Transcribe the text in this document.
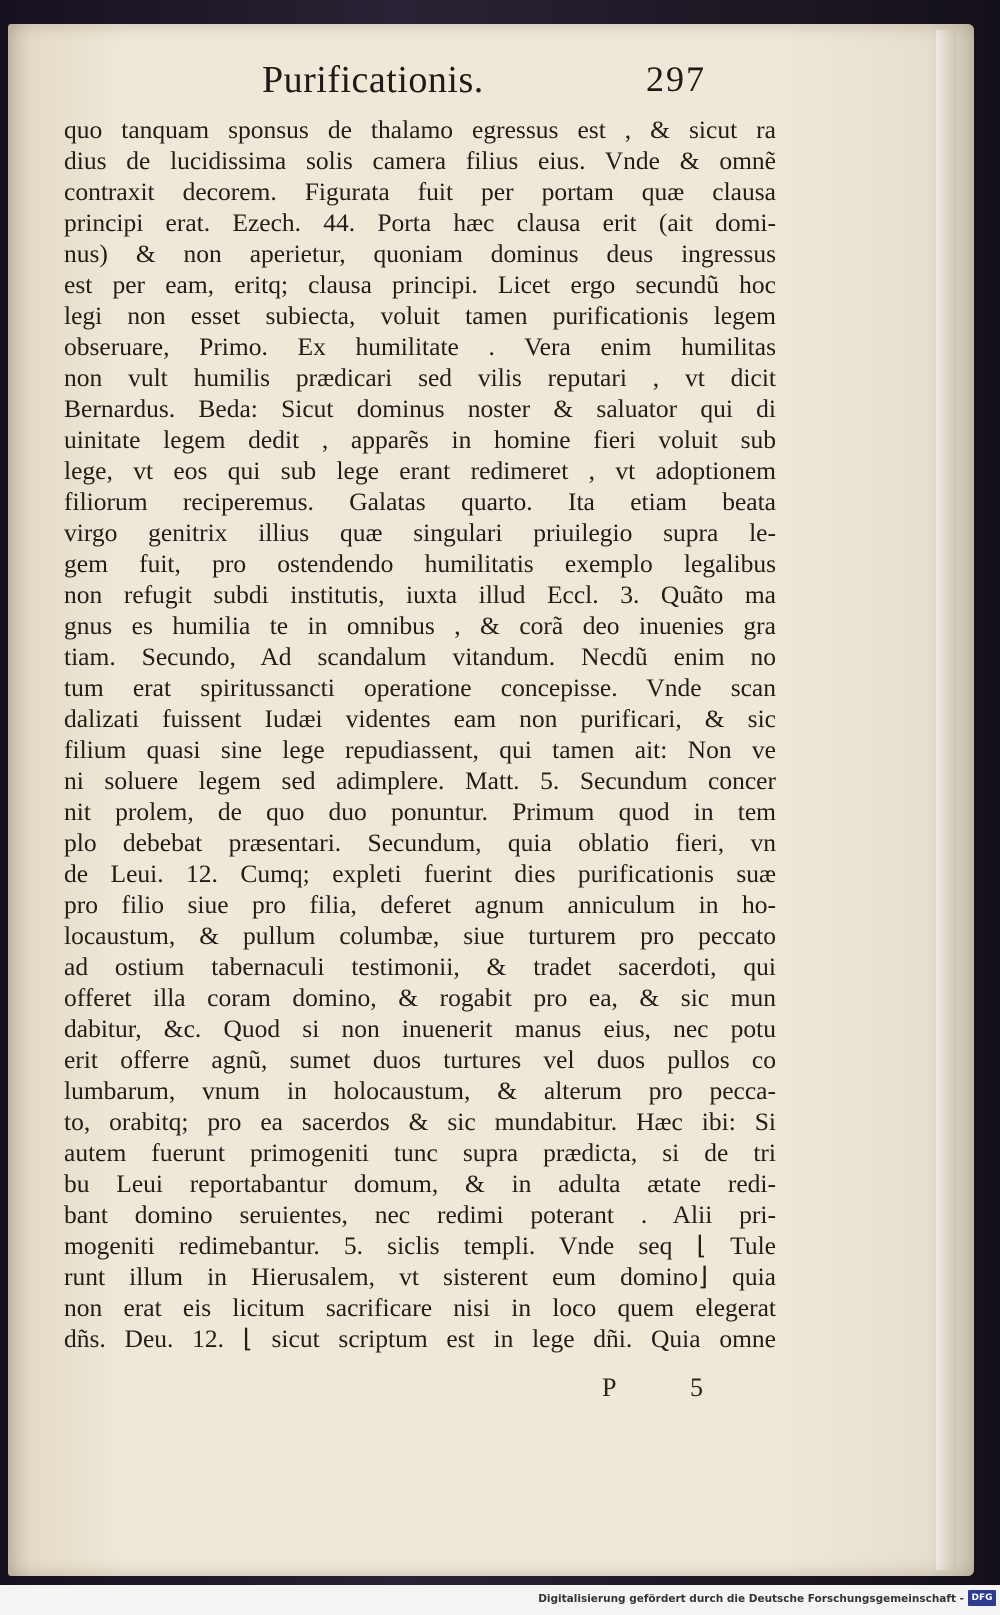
Purificationis.	297
quo tanquam sponsus de thalamo egressus est , & sicut ra
dius de lucidissima solis camera filius eius. Vnde & omnẽ
contraxit decorem. Figurata fuit per portam quæ clausa
principi erat. Ezech. 44. Porta hæc clausa erit (ait domi-
nus) & non aperietur, quoniam dominus deus ingressus
est per eam, eritq; clausa principi. Licet ergo secundũ hoc
legi non esset subiecta, voluit tamen purificationis legem
obseruare, Primo. Ex humilitate . Vera enim humilitas
non vult humilis prædicari sed vilis reputari , vt dicit
Bernardus. Beda: Sicut dominus noster & saluator qui di
uinitate legem dedit , apparẽs in homine fieri voluit sub
lege, vt eos qui sub lege erant redimeret , vt adoptionem
filiorum reciperemus. Galatas quarto. Ita etiam beata
virgo genitrix illius quæ singulari priuilegio supra le-
gem fuit, pro ostendendo humilitatis exemplo legalibus
non refugit subdi institutis, iuxta illud Eccl. 3. Quãto ma
gnus es humilia te in omnibus , & corã deo inuenies gra
tiam. Secundo, Ad scandalum vitandum. Necdũ enim no
tum erat spiritussancti operatione concepisse. Vnde scan
dalizati fuissent Iudæi videntes eam non purificari, & sic
filium quasi sine lege repudiassent, qui tamen ait: Non ve
ni soluere legem sed adimplere. Matt. 5. Secundum concer
nit prolem, de quo duo ponuntur. Primum quod in tem
plo debebat præsentari. Secundum, quia oblatio fieri, vn
de Leui. 12. Cumq; expleti fuerint dies purificationis suæ
pro filio siue pro filia, deferet agnum anniculum in ho-
locaustum, & pullum columbæ, siue turturem pro peccato
ad ostium tabernaculi testimonii, & tradet sacerdoti, qui
offeret illa coram domino, & rogabit pro ea, & sic mun
dabitur, &c. Quod si non inuenerit manus eius, nec potu
erit offerre agnũ, sumet duos turtures vel duos pullos co
lumbarum, vnum in holocaustum, & alterum pro pecca-
to, orabitq; pro ea sacerdos & sic mundabitur. Hæc ibi: Si
autem fuerunt primogeniti tunc supra prædicta, si de tri
bu Leui reportabantur domum, & in adulta ætate redi-
bant domino seruientes, nec redimi poterant . Alii pri-
mogeniti redimebantur. 5. siclis templi. Vnde seq ⌊ Tule
runt illum in Hierusalem, vt sisterent eum domino⌋ quia
non erat eis licitum sacrificare nisi in loco quem elegerat
dñs. Deu. 12. ⌊ sicut scriptum est in lege dñi. Quia omne
P 5
Digitalisierung gefördert durch die Deutsche Forschungsgemeinschaft - DFG
